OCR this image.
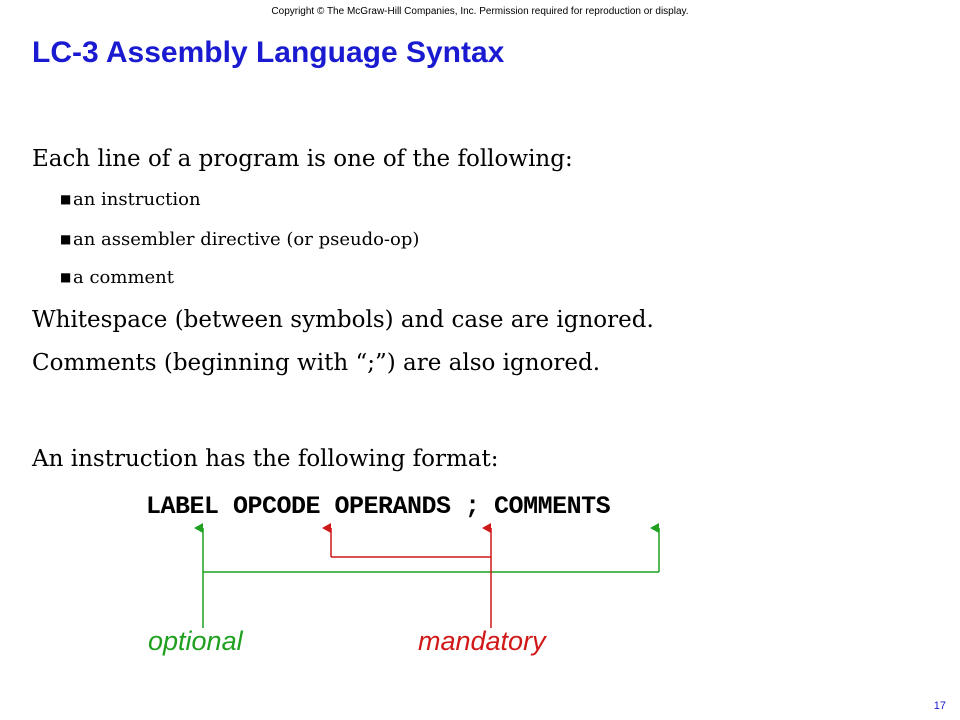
Copyright © The McGraw-Hill Companies, Inc. Permission required for reproduction or display.
LC-3 Assembly Language Syntax
Each line of a program is one of the following:
■an instruction
■an assembler directive (or pseudo-op)
■a comment
Whitespace (between symbols) and case are ignored.
Comments (beginning with “;”) are also ignored.
An instruction has the following format:
LABEL OPCODE OPERANDS ; COMMENTS
optional	mandatory
17
